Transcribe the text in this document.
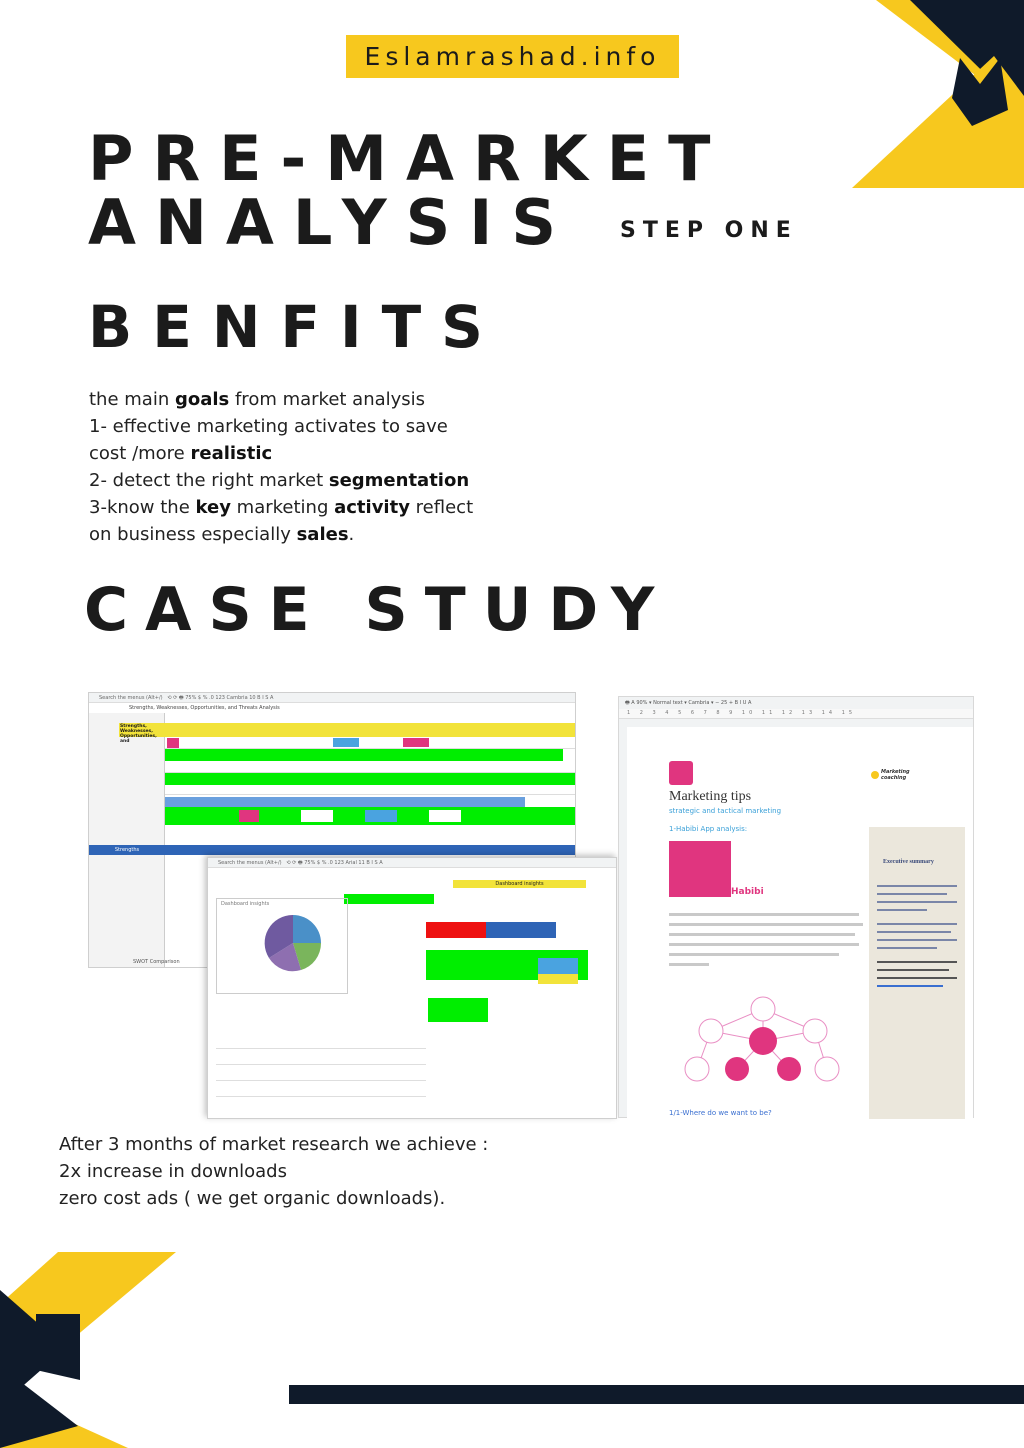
Eslamrashad.info
PRE-MARKET
ANALYSIS STEP ONE
BENFITS

the main goals from market analysis

1- effective marketing activates to save

cost /more realistic

2- detect the right market segmentation

3-know the key marketing activity reflect

on business especially sales.

CASE STUDY
Search the menus (Alt+/)   ⟲ ⟳ 🖶 75% $ % .0 123 Cambria 10 B I S A
Strengths, Weaknesses, Opportunities, and Threats Analysis
Strengths, Weaknesses, Opportunities, and
Strengths
SWOT Comparison
Search the menus (Alt+/)   ⟲ ⟳ 🖶 75% $ % .0 123 Arial 11 B I S A
Dashboard insights
Dashboard insights
🖶 A 90% ▾ Normal text ▾ Cambria ▾ − 25 + B I U A
1 2 3 4 5 6 7 8 9 10 11 12 13 14 15
Marketing tips
strategic and tactical marketing
1-Habibi App analysis:
Habibi
1/1-Where do we want to be?
Marketing coaching
Executive summary

After 3 months of market research we achieve :

2x increase in downloads

zero cost ads ( we get organic downloads).
